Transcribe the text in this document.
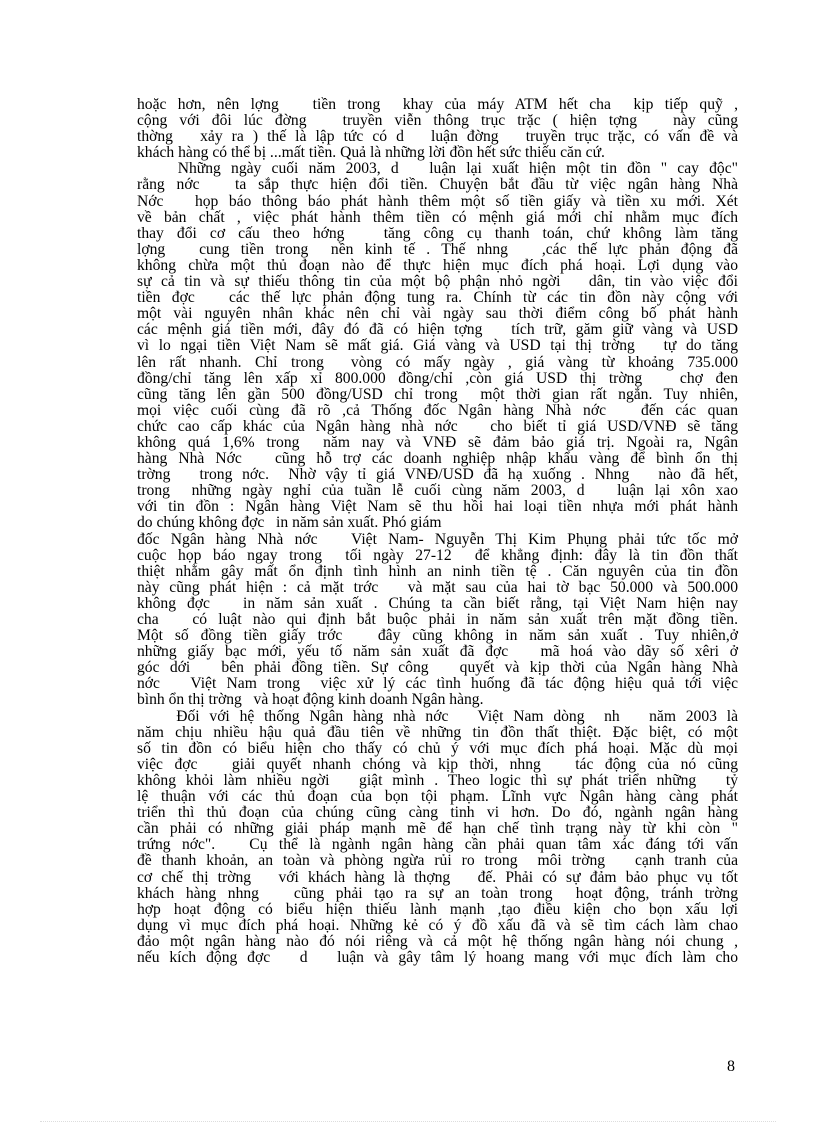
hoặc hơn, nên lợng   tiền trong  khay của máy ATM hết cha  kịp tiếp quỹ ,
cộng với đôi lúc đờng   truyền viễn thông trục trặc ( hiện tợng   này cũng
thờng   xảy ra ) thế là lập tức có d   luận đờng   truyền trục trặc, có vấn đề và
khách hàng có thể bị ...mất tiền. Quả là những lời đồn hết sức thiếu căn cứ.
Những ngày cuối năm 2003, d   luận lại xuất hiện một tin đồn " cay độc"
rằng nớc   ta sắp thực hiện đổi tiền. Chuyện bắt đầu từ việc ngân hàng Nhà
Nớc   họp báo thông báo phát hành thêm một số tiền giấy và tiền xu mới. Xét
về bản chất , việc phát hành thêm tiền có mệnh giá mới chỉ nhằm mục đích
thay đổi cơ cấu theo hớng   tăng công cụ thanh toán, chứ không làm tăng
lợng   cung tiền trong  nền kinh tế . Thế nhng   ,các thế lực phản động đã
không chừa một thủ đoạn nào để thực hiện mục đích phá hoại. Lợi dụng vào
sự cả tin và sự thiếu thông tin của một bộ phận nhỏ ngời   dân, tin vào việc đổi
tiền đợc   các thế lực phản động tung ra. Chính từ các tin đồn này cộng với
một vài nguyên nhân khác nên chỉ vài ngày sau thời điểm công bố phát hành
các mệnh giá tiền mới, đây đó đã có hiện tợng   tích trữ, găm giữ vàng và USD
vì lo ngại tiền Việt Nam sẽ mất giá. Giá vàng và USD tại thị trờng   tự do tăng
lên rất nhanh. Chỉ trong  vòng có mấy ngày , giá vàng từ khoảng 735.000
đồng/chỉ tăng lên xấp xỉ 800.000 đồng/chỉ ,còn giá USD thị trờng   chợ đen
cũng tăng lên gần 500 đồng/USD chỉ trong  một thời gian rất ngắn. Tuy nhiên,
mọi việc cuối cùng đã rõ ,cả Thống đốc Ngân hàng Nhà nớc   đến các quan
chức cao cấp khác của Ngân hàng nhà nớc   cho biết tỉ giá USD/VNĐ sẽ tăng
không quá 1,6% trong  năm nay và VNĐ sẽ đảm bảo giá trị. Ngoài ra, Ngân
hàng Nhà Nớc   cũng hỗ trợ các doanh nghiệp nhập khẩu vàng để bình ổn thị
trờng   trong nớc.  Nhờ vậy tỉ giá VNĐ/USD đã hạ xuống . Nhng   nào đã hết,
trong  những ngày nghỉ của tuần lễ cuối cùng năm 2003, d   luận lại xôn xao
với tin đồn : Ngân hàng Việt Nam sẽ thu hồi hai loại tiền nhựa mới phát hành
do chúng không đợc   in năm sản xuất. Phó giám
đốc Ngân hàng Nhà nớc   Việt Nam- Nguyễn Thị Kim Phụng phải tức tốc mở
cuộc họp báo ngay trong  tối ngày 27-12  để khẳng định: đây là tin đồn thất
thiệt nhằm gây mất ổn định tình hình an ninh tiền tệ . Căn nguyên của tin đồn
này cũng phát hiện : cả mặt trớc   và mặt sau của hai tờ bạc 50.000 và 500.000
không đợc   in năm sản xuất . Chúng ta cần biết rằng, tại Việt Nam hiện nay
cha   có luật nào qui định bắt buộc phải in năm sản xuất trên mặt đồng tiền.
Một số đồng tiền giấy trớc   đây cũng không in năm sản xuất . Tuy nhiên,ở
những giấy bạc mới, yếu tố năm sản xuất đã đợc   mã hoá vào dãy số xêri ở
góc dới   bên phải đồng tiền. Sự công   quyết và kịp thời của Ngân hàng Nhà
nớc   Việt Nam trong  việc xử lý các tình huống đã tác động hiệu quả tới việc
bình ổn thị trờng   và hoạt động kinh doanh Ngân hàng.
Đối với hệ thống Ngân hàng nhà nớc   Việt Nam dòng  nh   năm 2003 là
năm chịu nhiều hậu quả đầu tiên về những tin đồn thất thiệt. Đặc biệt, có một
số tin đồn có biểu hiện cho thấy có chủ ý với mục đích phá hoại. Mặc dù mọi
việc đợc   giải quyết nhanh chóng và kịp thời, nhng   tác động của nó cũng
không khỏi làm nhiều ngời   giật mình . Theo logic thì sự phát triển những   tỷ
lệ thuận với các thủ đoạn của bọn tội phạm. Lĩnh vực Ngân hàng càng phát
triển thì thủ đoạn của chúng cũng càng tinh vi hơn. Do đó, ngành ngân hàng
cần phải có những giải pháp mạnh mẽ để hạn chế tình trạng này từ khi còn "
trứng nớc".   Cụ thể là ngành ngân hàng cần phải quan tâm xác đáng tới vấn
đề thanh khoản, an toàn và phòng ngừa rủi ro trong  môi trờng   cạnh tranh của
cơ chế thị trờng   với khách hàng là thợng   đế. Phải có sự đảm bảo phục vụ tốt
khách hàng nhng   cũng phải tạo ra sự an toàn trong  hoạt động, tránh trờng
hợp hoạt động có biểu hiện thiếu lành mạnh ,tạo điều kiện cho bọn xấu lợi
dụng vì mục đích phá hoại. Những kẻ có ý đồ xấu đã và sẽ tìm cách làm chao
đảo một ngân hàng nào đó nói riêng và cả một hệ thống ngân hàng nói chung ,
nếu kích động đợc   d   luận và gây tâm lý hoang mang với mục đích làm cho
8
